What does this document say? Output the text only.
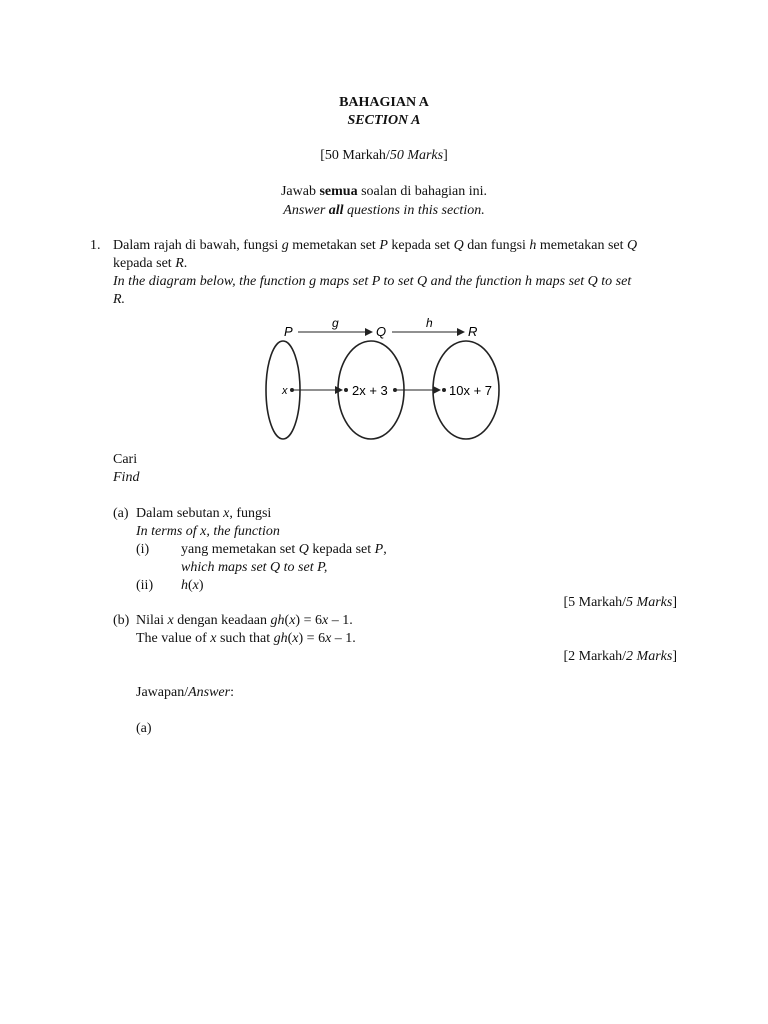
BAHAGIAN A
SECTION A
[50 Markah/50 Marks]
Jawab semua soalan di bahagian ini.
Answer all questions in this section.
1. Dalam rajah di bawah, fungsi g memetakan set P kepada set Q dan fungsi h memetakan set Q
kepada set R.
In the diagram below, the function g maps set P to set Q and the function h maps set Q to set
R.
P	Q	R
g	h
x	2x + 3	10x + 7
Cari
Find
(a) Dalam sebutan x, fungsi
In terms of x, the function
(i) yang memetakan set Q kepada set P,
which maps set Q to set P,
(ii) h(x)
[5 Markah/5 Marks]
(b) Nilai x dengan keadaan gh(x) = 6x – 1.
The value of x such that gh(x) = 6x – 1.
[2 Markah/2 Marks]
Jawapan/Answer:
(a)
